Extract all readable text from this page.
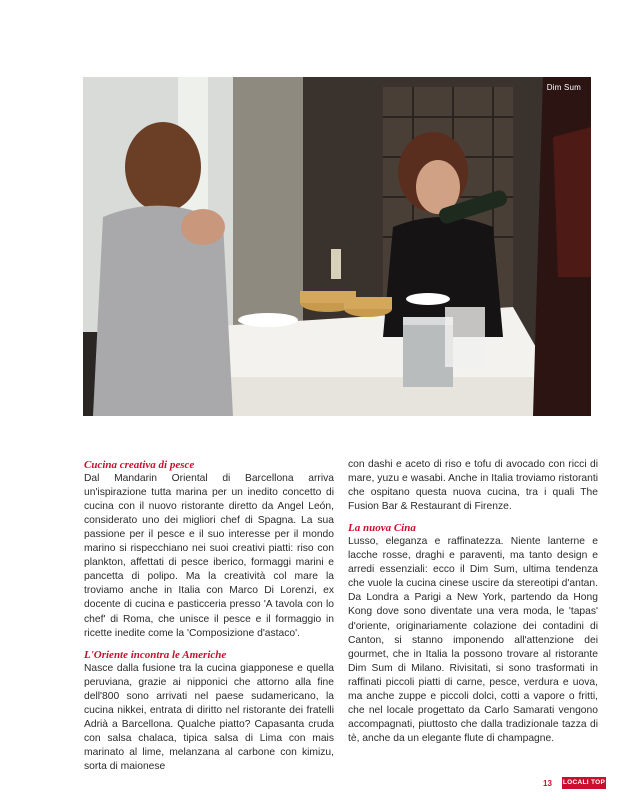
Dim Sum
Cucina creativa di pesce

Dal Mandarin Oriental di Barcellona arriva un'ispirazione tutta marina per un inedito concetto di cucina con il nuovo ristorante diretto da Angel León, considerato uno dei migliori chef di Spagna. La sua passione per il pesce e il suo interesse per il mondo marino si rispecchiano nei suoi creativi piatti: riso con plankton, affettati di pesce iberico, formaggi marini e pancetta di polipo. Ma la creatività col mare la troviamo anche in Italia con Marco Di Lorenzi, ex docente di cucina e pasticceria presso 'A tavola con lo chef' di Roma, che unisce il pesce e il formaggio in ricette inedite come la 'Composizione d'astaco'.

L'Oriente incontra le Americhe

Nasce dalla fusione tra la cucina giapponese e quella peruviana, grazie ai nipponici che attorno alla fine dell'800 sono arrivati nel paese sudamericano, la cucina nikkei, entrata di diritto nel ristorante dei fratelli Adrià a Barcellona. Qualche piatto? Capasanta cruda con salsa chalaca, tipica salsa di Lima con mais marinato al lime, melanzana al carbone con kimizu, sorta di maionese

con dashi e aceto di riso e tofu di avocado con ricci di mare, yuzu e wasabi. Anche in Italia troviamo ristoranti che ospitano questa nuova cucina, tra i quali The Fusion Bar & Restaurant di Firenze.

La nuova Cina

Lusso, eleganza e raffinatezza. Niente lanterne e lacche rosse, draghi e paraventi, ma tanto design e arredi essenziali: ecco il Dim Sum, ultima tendenza che vuole la cucina cinese uscire da stereotipi d'antan. Da Londra a Parigi a New York, partendo da Hong Kong dove sono diventate una vera moda, le 'tapas' d'oriente, originariamente colazione dei contadini di Canton, si stanno imponendo all'attenzione dei gourmet, che in Italia la possono trovare al ristorante Dim Sum di Milano. Rivisitati, si sono trasformati in raffinati piccoli piatti di carne, pesce, verdura e uova, ma anche zuppe e piccoli dolci, cotti a vapore o fritti, che nel locale progettato da Carlo Samarati vengono accompagnati, piuttosto che dalla tradizionale tazza di tè, anche da un elegante flute di champagne.

13 LOCALI TOP
